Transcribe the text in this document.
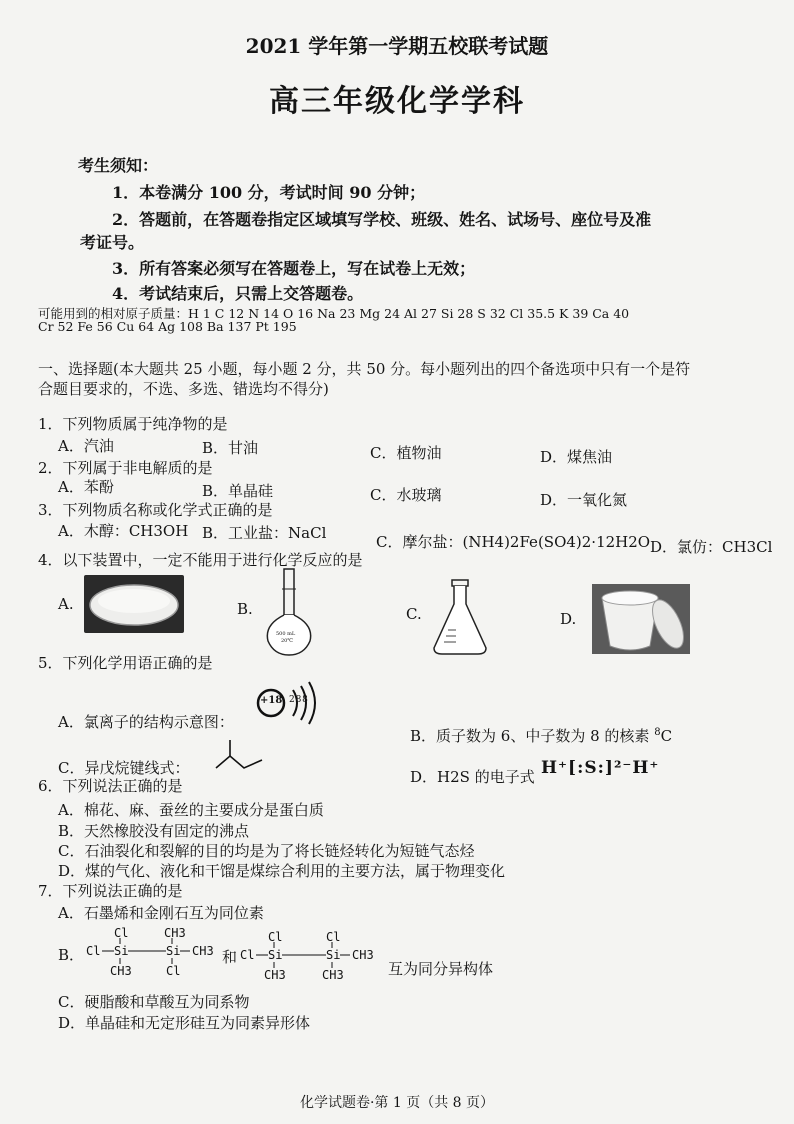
2021 学年第一学期五校联考试题
高三年级化学学科
考生须知：
1．本卷满分 100 分，考试时间 90 分钟；
2．答题前，在答题卷指定区域填写学校、班级、姓名、试场号、座位号及准
考证号。
3．所有答案必须写在答题卷上，写在试卷上无效；
4．考试结束后，只需上交答题卷。
可能用到的相对原子质量：H 1 C 12 N 14 O 16 Na 23 Mg 24 Al 27 Si 28 S 32 Cl 35.5 K 39 Ca 40
Cr 52 Fe 56 Cu 64 Ag 108 Ba 137 Pt 195
一、选择题(本大题共 25 小题，每小题 2 分，共 50 分。每小题列出的四个备选项中只有一个是符
合题目要求的，不选、多选、错选均不得分)
1．下列物质属于纯净物的是
A．汽油	B．甘油	C．植物油	D．煤焦油
2．下列属于非电解质的是
A．苯酚	B．单晶硅	C．水玻璃	D．一氧化氮
3．下列物质名称或化学式正确的是
A．木醇：CH3OH B．工业盐：NaCl	C．摩尔盐：(NH4)2Fe(SO4)2·12H2O D．氯仿：CH3Cl
4．以下装置中，一定不能用于进行化学反应的是
A.	B.
500 mL
20℃
C.	D.
5．下列化学用语正确的是
+18 2 8 8
A．氯离子的结构示意图：
B．质子数为 6、中子数为 8 的核素 $^8$C
C．异戊烷键线式：	D．H2S 的电子式 H⁺[:S:]²⁻H⁺
6．下列说法正确的是
A．棉花、麻、蚕丝的主要成分是蛋白质
B．天然橡胶没有固定的沸点
C．石油裂化和裂解的目的均是为了将长链烃转化为短链气态烃
D．煤的气化、液化和干馏是煤综合利用的主要方法，属于物理变化
7．下列说法正确的是
A．石墨烯和金刚石互为同位素
B．
Cl
Cl Si
CH3
CH3
Si
Cl
CH3 和
Cl
Cl Si
CH3
Cl
Si
CH3
CH3
互为同分异构体
C．硬脂酸和草酸互为同系物
D．单晶硅和无定形硅互为同素异形体
化学试题卷·第 1 页（共 8 页）
